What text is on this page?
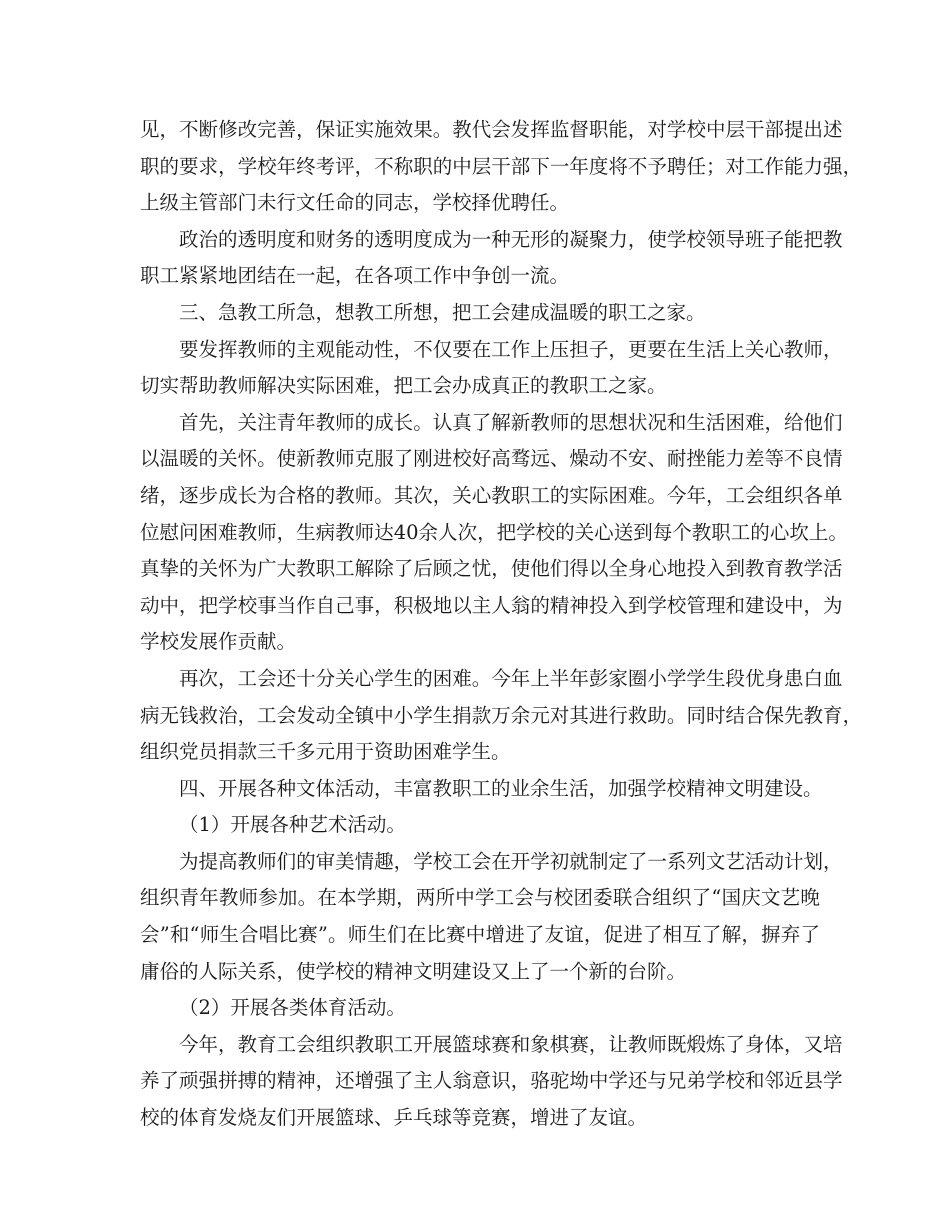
见 ， 不 断 修 改 完 善 ， 保 证 实 施 效 果 。 教 代 会 发 挥 监 督 职 能 ， 对 学 校 中 层 干 部 提 出 述
职 的 要 求 ， 学 校 年 终 考 评 ， 不 称 职 的 中 层 干 部 下 一 年 度 将 不 予 聘 任 ； 对 工 作 能 力 强 ，
上级主管部门未行文任命的同志，学校择优聘任。
政 治 的 透 明 度 和 财 务 的 透 明 度 成 为 一 种 无 形 的 凝 聚 力 ， 使 学 校 领 导 班 子 能 把 教
职工紧紧地团结在一起，在各项工作中争创一流。
三、急教工所急，想教工所想，把工会建成温暖的职工之家。
要 发 挥 教 师 的 主 观 能 动 性 ， 不 仅 要 在 工 作 上 压 担 子 ， 更 要 在 生 活 上 关 心 教 师 ，
切实帮助教师解决实际困难，把工会办成真正的教职工之家。
首 先 ， 关 注 青 年 教 师 的 成 长 。 认 真 了 解 新 教 师 的 思 想 状 况 和 生 活 困 难 ， 给 他 们
以 温 暖 的 关 怀 。 使 新 教 师 克 服 了 刚 进 校 好 高 骛 远 、 燥 动 不 安 、 耐 挫 能 力 差 等 不 良 情
绪 ， 逐 步 成 长 为 合 格 的 教 师 。 其 次 ， 关 心 教 职 工 的 实 际 困 难 。 今 年 ， 工 会 组 织 各 单
位 慰 问 困 难 教 师 ， 生 病 教 师 达 40 余 人 次 ， 把 学 校 的 关 心 送 到 每 个 教 职 工 的 心 坎 上 。
真 挚 的 关 怀 为 广 大 教 职 工 解 除 了 后 顾 之 忧 ， 使 他 们 得 以 全 身 心 地 投 入 到 教 育 教 学 活
动 中 ， 把 学 校 事 当 作 自 己 事 ， 积 极 地 以 主 人 翁 的 精 神 投 入 到 学 校 管 理 和 建 设 中 ， 为
学校发展作贡献。
再 次 ， 工 会 还 十 分 关 心 学 生 的 困 难 。 今 年 上 半 年 彭 家 圈 小 学 学 生 段 优 身 患 白 血
病 无 钱 救 治 ， 工 会 发 动 全 镇 中 小 学 生 捐 款 万 余 元 对 其 进 行 救 助 。 同 时 结 合 保 先 教 育 ，
组织党员捐款三千多元用于资助困难学生。
四、开展各种文体活动，丰富教职工的业余生活，加强学校精神文明建设。
（1）开展各种艺术活动。
为 提 高 教 师 们 的 审 美 情 趣 ， 学 校 工 会 在 开 学 初 就 制 定 了 一 系 列 文 艺 活 动 计 划 ，
组 织 青 年 教 师 参 加 。 在 本 学 期 ， 两 所 中 学 工 会 与 校 团 委 联 合 组 织 了 “ 国 庆 文 艺 晚
会 ” 和 “ 师 生 合 唱 比 赛 ” 。 师 生 们 在 比 赛 中 增 进 了 友 谊 ， 促 进 了 相 互 了 解 ， 摒 弃 了
庸俗的人际关系，使学校的精神文明建设又上了一个新的台阶。
（2）开展各类体育活动。
今 年 ， 教 育 工 会 组 织 教 职 工 开 展 篮 球 赛 和 象 棋 赛 ， 让 教 师 既 煅 炼 了 身 体 ， 又 培
养 了 顽 强 拼 搏 的 精 神 ， 还 增 强 了 主 人 翁 意 识 ， 骆 驼 坳 中 学 还 与 兄 弟 学 校 和 邻 近 县 学
校的体育发烧友们开展篮球、乒乓球等竞赛，增进了友谊。
